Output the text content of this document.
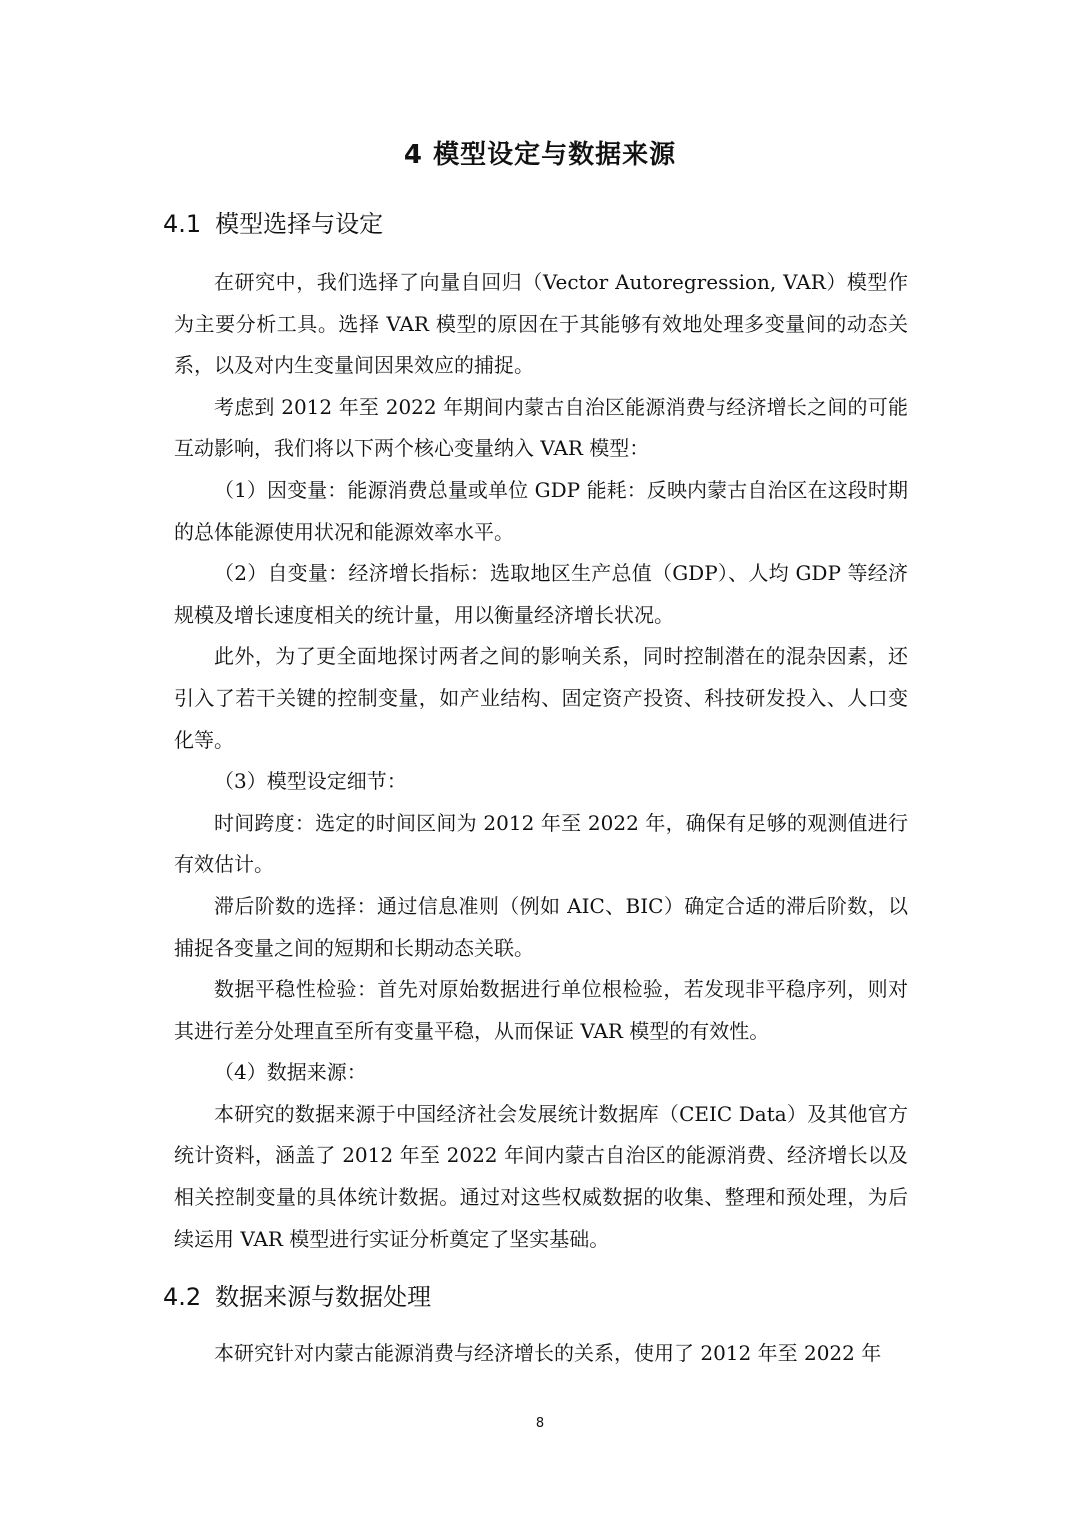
4 模型设定与数据来源
4.1 模型选择与设定

在研究中，我们选择了向量自回归（Vector Autoregression, VAR）模型作为主要分析工具。选择 VAR 模型的原因在于其能够有效地处理多变量间的动态关系，以及对内生变量间因果效应的捕捉。

考虑到 2012 年至 2022 年期间内蒙古自治区能源消费与经济增长之间的可能互动影响，我们将以下两个核心变量纳入 VAR 模型：

（1）因变量：能源消费总量或单位 GDP 能耗：反映内蒙古自治区在这段时期的总体能源使用状况和能源效率水平。

（2）自变量：经济增长指标：选取地区生产总值（GDP）、人均 GDP 等经济规模及增长速度相关的统计量，用以衡量经济增长状况。

此外，为了更全面地探讨两者之间的影响关系，同时控制潜在的混杂因素，还引入了若干关键的控制变量，如产业结构、固定资产投资、科技研发投入、人口变化等。

（3）模型设定细节：

时间跨度：选定的时间区间为 2012 年至 2022 年，确保有足够的观测值进行有效估计。

滞后阶数的选择：通过信息准则（例如 AIC、BIC）确定合适的滞后阶数，以捕捉各变量之间的短期和长期动态关联。

数据平稳性检验：首先对原始数据进行单位根检验，若发现非平稳序列，则对其进行差分处理直至所有变量平稳，从而保证 VAR 模型的有效性。

（4）数据来源：

本研究的数据来源于中国经济社会发展统计数据库（CEIC Data）及其他官方统计资料，涵盖了 2012 年至 2022 年间内蒙古自治区的能源消费、经济增长以及相关控制变量的具体统计数据。通过对这些权威数据的收集、整理和预处理，为后续运用 VAR 模型进行实证分析奠定了坚实基础。

4.2 数据来源与数据处理

本研究针对内蒙古能源消费与经济增长的关系，使用了 2012 年至 2022 年

8
